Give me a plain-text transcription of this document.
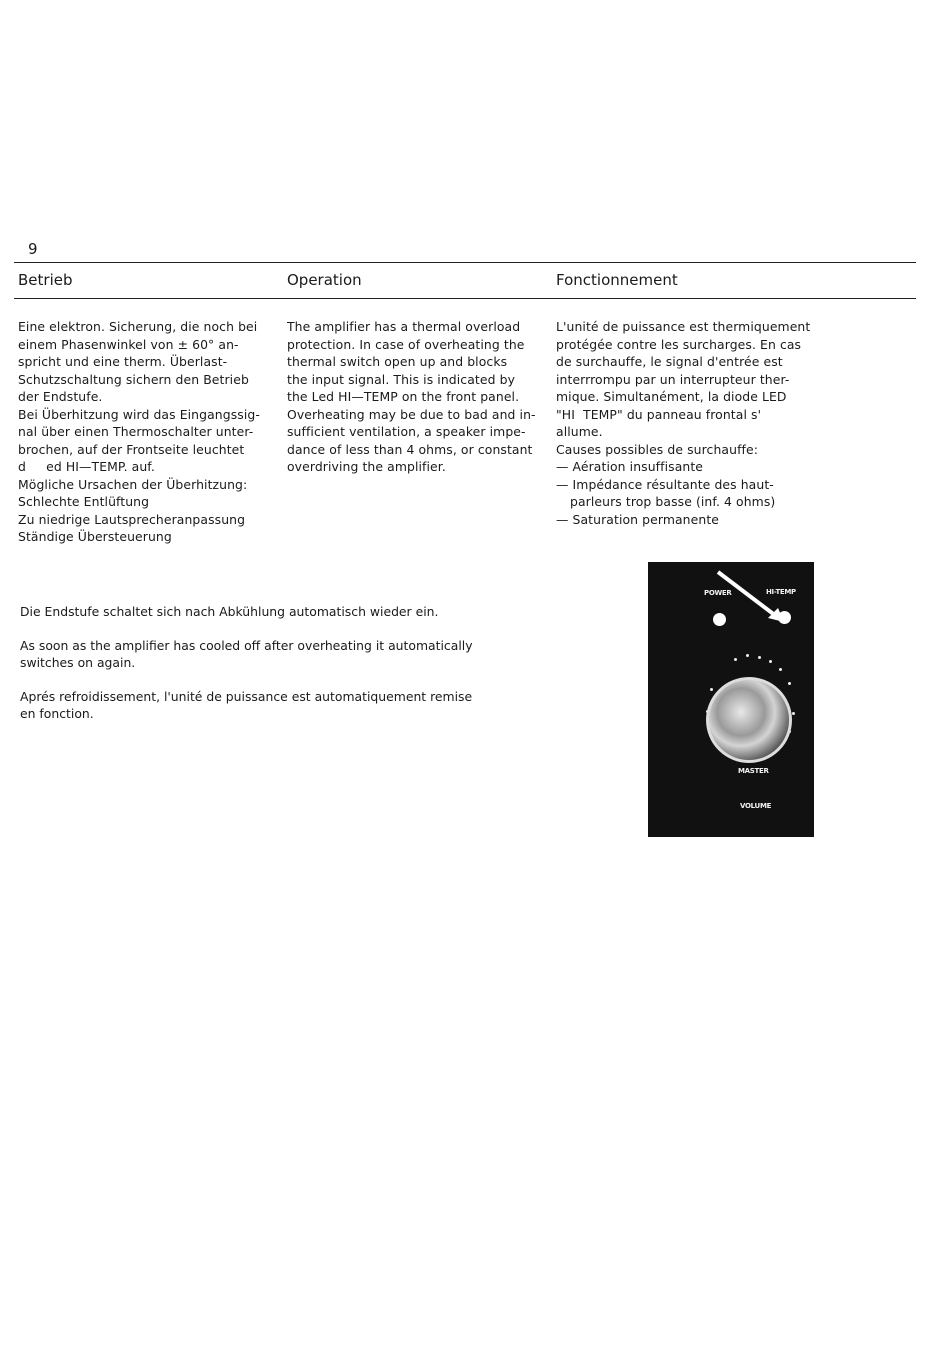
9
Betrieb	Operation	Fonctionnement
Eine elektron. Sicherung, die noch bei
einem Phasenwinkel von ± 60° an-
spricht und eine therm. Überlast-
Schutzschaltung sichern den Betrieb
der Endstufe.
Bei Überhitzung wird das Eingangssig-
nal über einen Thermoschalter unter-
brochen, auf der Frontseite leuchtet
d     ed HI—TEMP. auf.
Mögliche Ursachen der Überhitzung:
Schlechte Entlüftung
Zu niedrige Lautsprecheranpassung
Ständige Übersteuerung
The amplifier has a thermal overload
protection. In case of overheating the
thermal switch open up and blocks
the input signal. This is indicated by
the Led HI—TEMP on the front panel.
Overheating may be due to bad and in-
sufficient ventilation, a speaker impe-
dance of less than 4 ohms, or constant
overdriving the amplifier.
L'unité de puissance est thermiquement
protégée contre les surcharges. En cas
de surchauffe, le signal d'entrée est
interrrompu par un interrupteur ther-
mique. Simultanément, la diode LED
"HI  TEMP" du panneau frontal s'
allume.
Causes possibles de surchauffe:
— Aération insuffisante
— Impédance résultante des haut-
parleurs trop basse (inf. 4 ohms)
— Saturation permanente

Die Endstufe schaltet sich nach Abkühlung automatisch wieder ein.

As soon as the amplifier has cooled off after overheating it automatically
switches on again.

Aprés refroidissement, l'unité de puissance est automatiquement remise
en fonction.

POWER	HI-TEMP
MASTER
VOLUME
